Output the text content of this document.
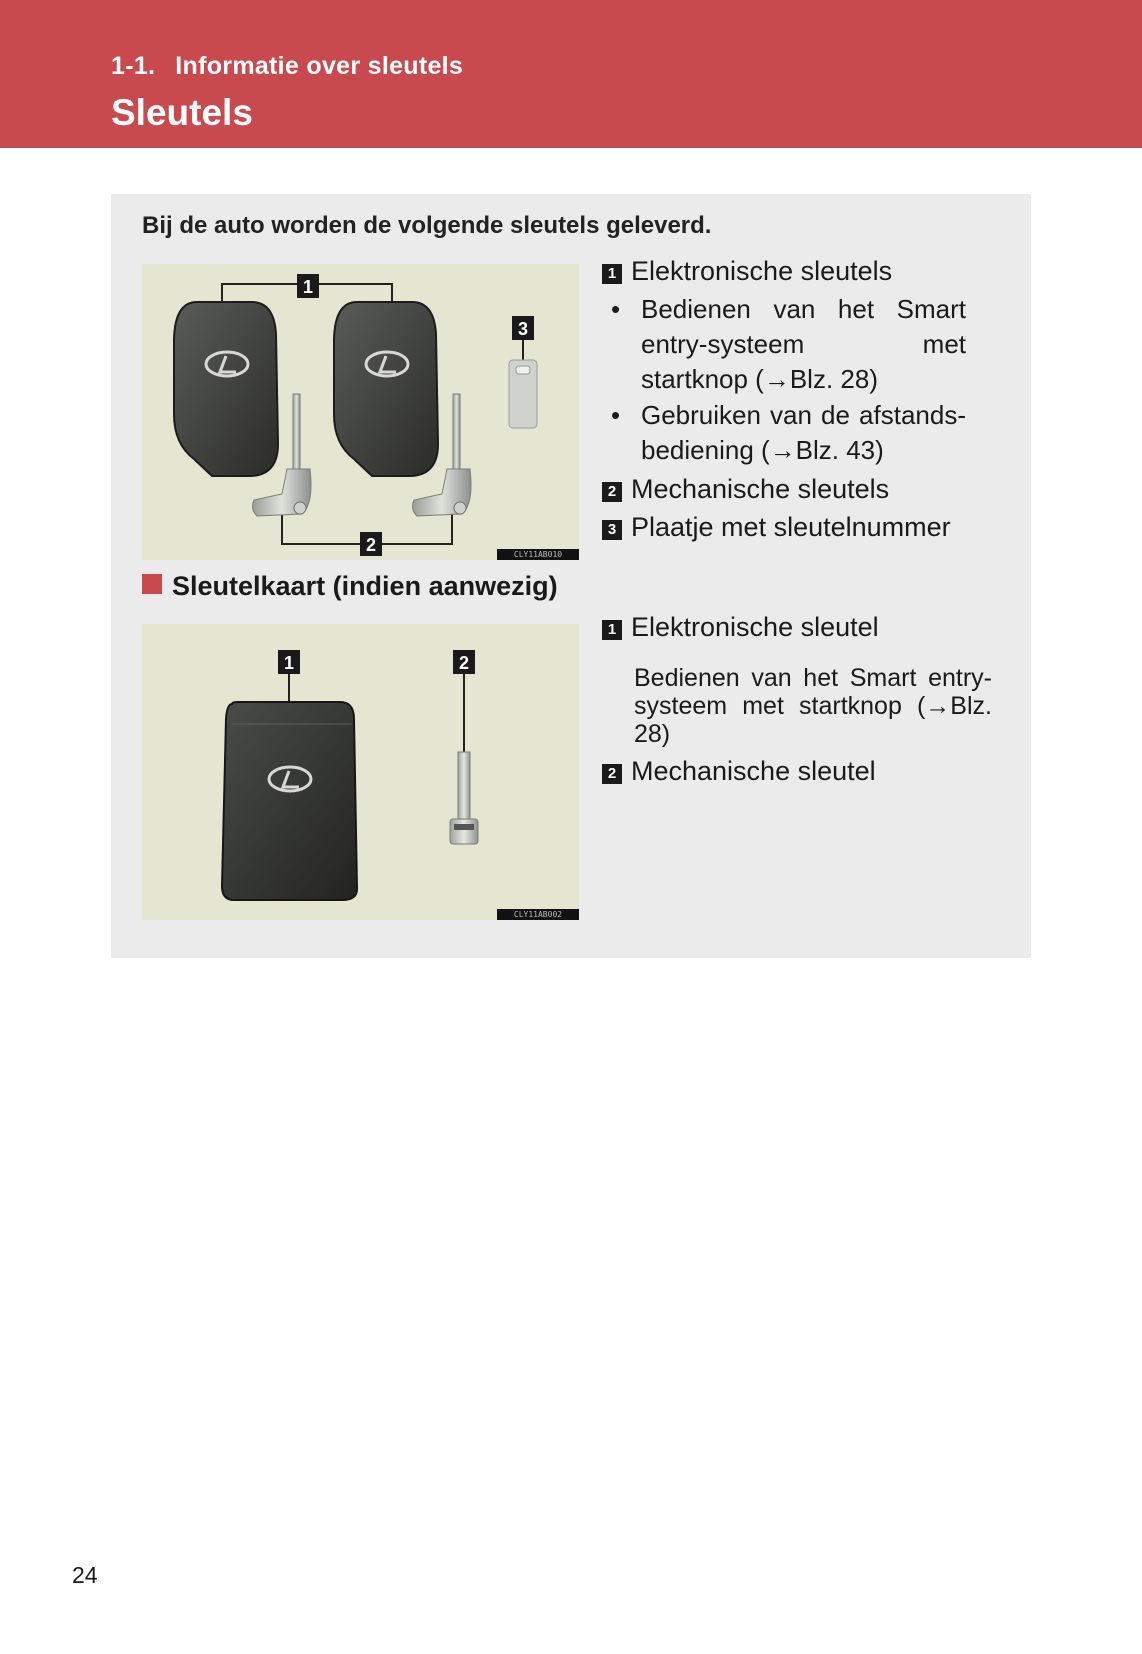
1-1. Informatie over sleutels
Sleutels
Bij de auto worden de volgende sleutels geleverd.
1
2
3
CLY11AB010
1 Elektronische sleutels
• Bedienen van het Smart entry-systeem met startknop (→Blz. 28)
• Gebruiken van de afstands-bediening (→Blz. 43)
2 Mechanische sleutels
3 Plaatje met sleutelnummer
Sleutelkaart (indien aanwezig)
1	2
CLY11AB002
1 Elektronische sleutel
Bedienen van het Smart entry-systeem met startknop (→Blz. 28)
2 Mechanische sleutel
24
